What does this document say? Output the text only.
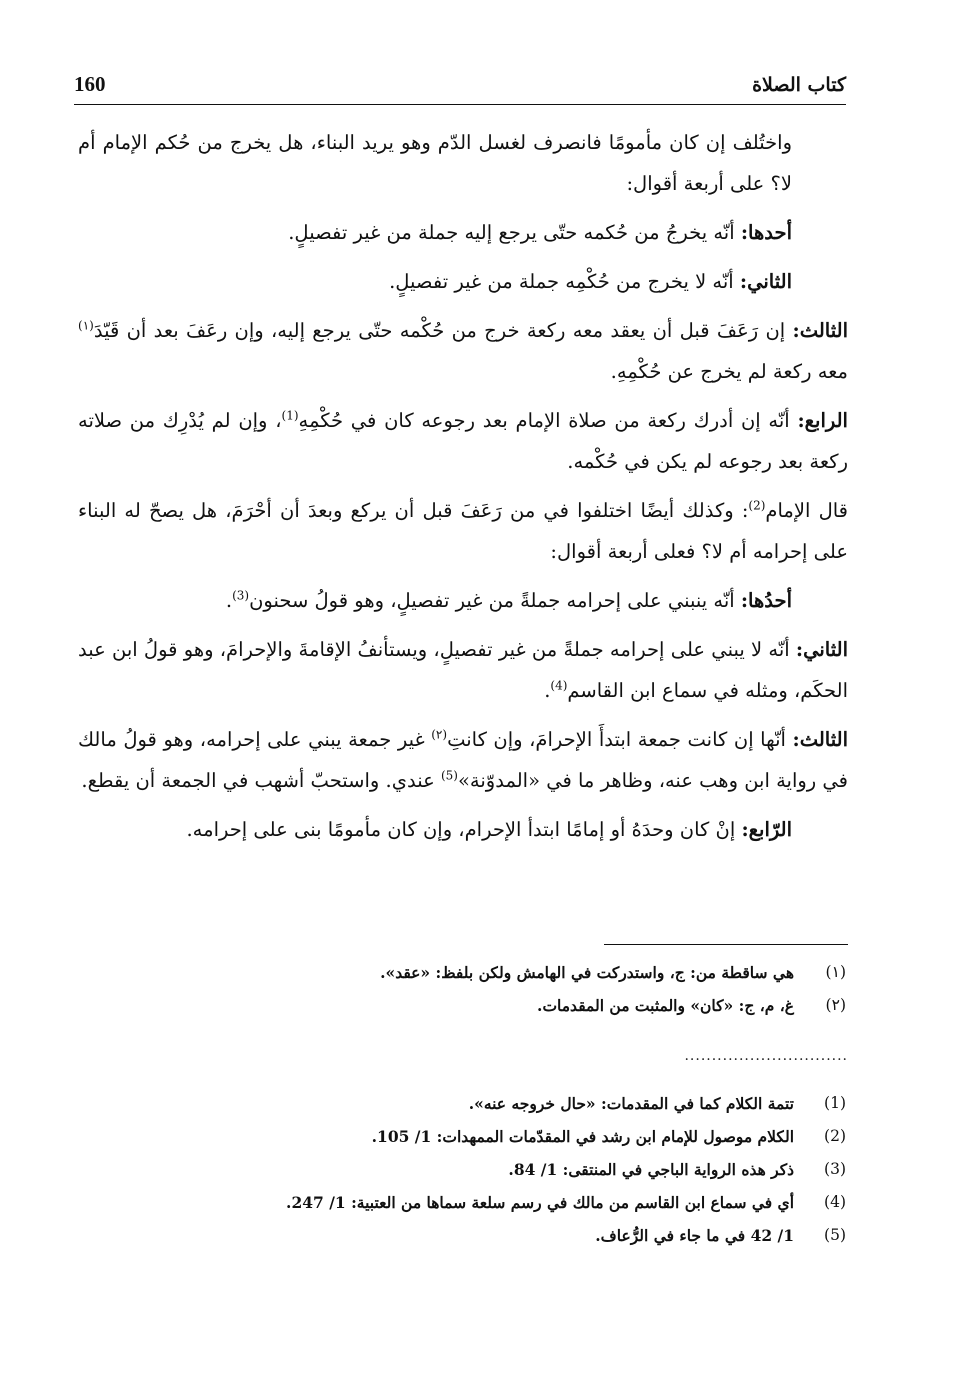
160	كتاب الصلاة

واختُلف إن كان مأمومًا فانصرف لغسل الدّم وهو يريد البناء، هل يخرج من حُكم الإمام أم لا؟ على أربعة أقوال:

أحدها: أنّه يخرجُ من حُكمه حتّى يرجع إليه جملة من غير تفصيلٍ.

الثاني: أنّه لا يخرج من حُكْمِه جملة من غير تفصيلٍ.

الثالث: إن رَعَفَ قبل أن يعقد معه ركعة خرج من حُكْمه حتّى يرجع إليه، وإن رعَفَ بعد أن قَيّدَ$^{(١)}$ معه ركعة لم يخرج عن حُكْمِهِ.

الرابع: أنّه إن أدرك ركعة من صلاة الإمام بعد رجوعه كان في حُكْمِهِ$^{(1)}$، وإن لم يُدْرِك من صلاته ركعة بعد رجوعه لم يكن في حُكْمه.

قال الإمام$^{(2)}$: وكذلك أيضًا اختلفوا في من رَعَفَ قبل أن يركع وبعدَ أن أحْرَمَ، هل يصحّ له البناء على إحرامه أم لا؟ فعلى أربعة أقوال:

أحدُها: أنّه ينبني على إحرامه جملةً من غير تفصيلٍ، وهو قولُ سحنون$^{(3)}$.

الثاني: أنّه لا يبني على إحرامه جملةً من غير تفصيلٍ، ويستأنفُ الإقامةَ والإحرامَ، وهو قولُ ابن عبد الحكَم، ومثله في سماع ابن القاسم$^{(4)}$.

الثالث: أنّها إن كانت جمعة ابتدأَ الإحرامَ، وإن كانتِ$^{(٢)}$ غير جمعة يبني على إحرامه، وهو قولُ مالك في رواية ابن وهب عنه، وظاهر ما في «المدوّنة»$^{(5)}$ عندي. واستحبّ أشهب في الجمعة أن يقطع.

الرّابع: إنْ كان وحدَهُ أو إمامًا ابتدأ الإحرام، وإن كان مأمومًا بنى على إحرامه.

(١)
هي ساقطة من: ج، واستدركت في الهامش ولكن بلفظ: «عقد».
(٢)
غ، م، ج: «كان» والمثبت من المقدمات.
..............................
(1)
تتمة الكلام كما في المقدمات: «حال خروجه عنه».
(2)
الكلام موصول للإمام ابن رشد في المقدّمات الممهدات: 1/ 105.
(3)
ذكر هذه الرواية الباجي في المنتقى: 1/ 84.
(4)
أي في سماع ابن القاسم من مالك في رسم سلعة سماها من العتبية: 1/ 247.
(5)
1/ 42 في ما جاء في الرُّعاف.
